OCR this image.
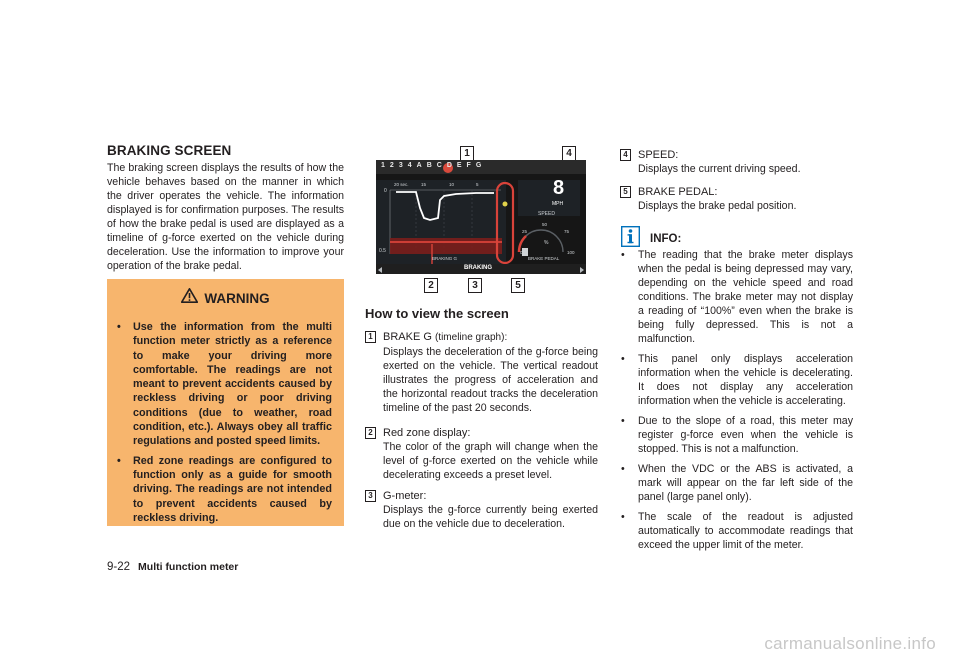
BRAKING SCREEN

The braking screen displays the results of how the vehicle behaves based on the manner in which the driver operates the vehicle. The information displayed is for confirmation purposes. The results of how the brake pedal is used are displayed as a timeline of g-force exerted on the vehicle during deceleration. Use the information to improve your operation of the brake pedal.

WARNING
• Use the information from the multi function meter strictly as a reference to make your driving more comfortable. The readings are not meant to prevent accidents caused by reckless driving or poor driving conditions (due to weather, road condition, etc.). Always obey all traffic regulations and posted speed limits.
• Red zone readings are configured to function only as a guide for smooth driving. The readings are not intended to prevent accidents caused by reckless driving.
1	4
2	3	5
1 2 3 4 A B C D E F G
20 sec.	15	10	5
0
0.5
8
MPH
SPEED
25
50
75
0	100
%
BRAKE PEDAL
BRAKING G
BRAKING
How to view the screen
1 BRAKE G (timeline graph):

Displays the deceleration of the g-force being exerted on the vehicle. The vertical readout illustrates the progress of acceleration and the horizontal readout tracks the deceleration timeline of the past 20 seconds.

2 Red zone display:

The color of the graph will change when the level of g-force exerted on the vehicle while decelerating exceeds a preset level.

3 G-meter:

Displays the g-force currently being exerted due on the vehicle due to deceleration.

4 SPEED:

Displays the current driving speed.

5 BRAKE PEDAL:

Displays the brake pedal position.

INFO:
• The reading that the brake meter displays when the pedal is being depressed may vary, depending on the vehicle speed and road conditions. The brake meter may not display a reading of “100%” even when the brake is being fully depressed. This is not a malfunction.
• This panel only displays acceleration information when the vehicle is decelerating. It does not display any acceleration information when the vehicle is accelerating.
• Due to the slope of a road, this meter may register g-force even when the vehicle is stopped. This is not a malfunction.
• When the VDC or the ABS is activated, a mark will appear on the far left side of the panel (large panel only).
• The scale of the readout is adjusted automatically to accommodate readings that exceed the upper limit of the meter.
9-22 Multi function meter
carmanualsonline.info
